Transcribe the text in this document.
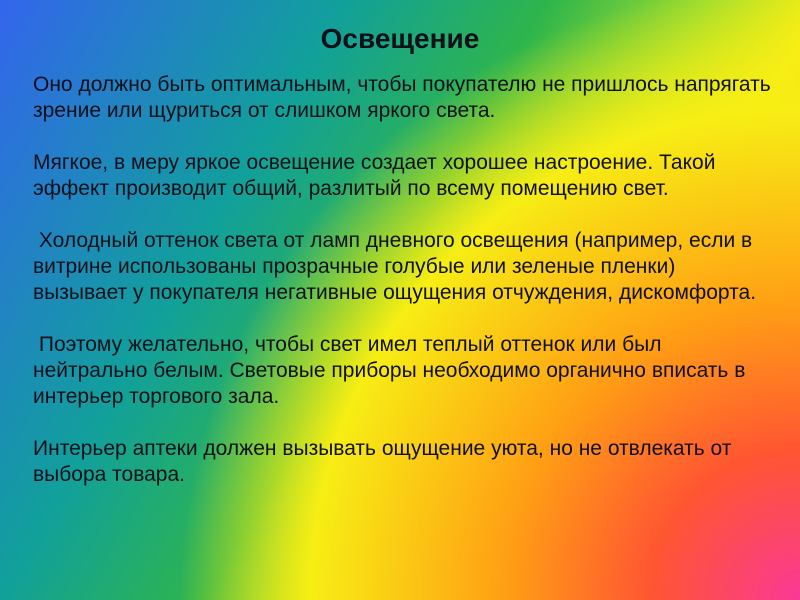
Освещение

Оно должно быть оптимальным, чтобы покупателю не пришлось напрягать зрение или щуриться от слишком яркого света.

Мягкое, в меру яркое освещение создает хорошее настроение. Такой эффект производит общий, разлитый по всему помещению свет.

Холодный оттенок света от ламп дневного освещения (например, если в витрине использованы прозрачные голубые или зеленые пленки) вызывает у покупателя негативные ощущения отчуждения, дискомфорта.

Поэтому желательно, чтобы свет имел теплый оттенок или был нейтрально белым. Световые приборы необходимо органично вписать в интерьер торгового зала.

Интерьер аптеки должен вызывать ощущение уюта, но не отвлекать от выбора товара.
